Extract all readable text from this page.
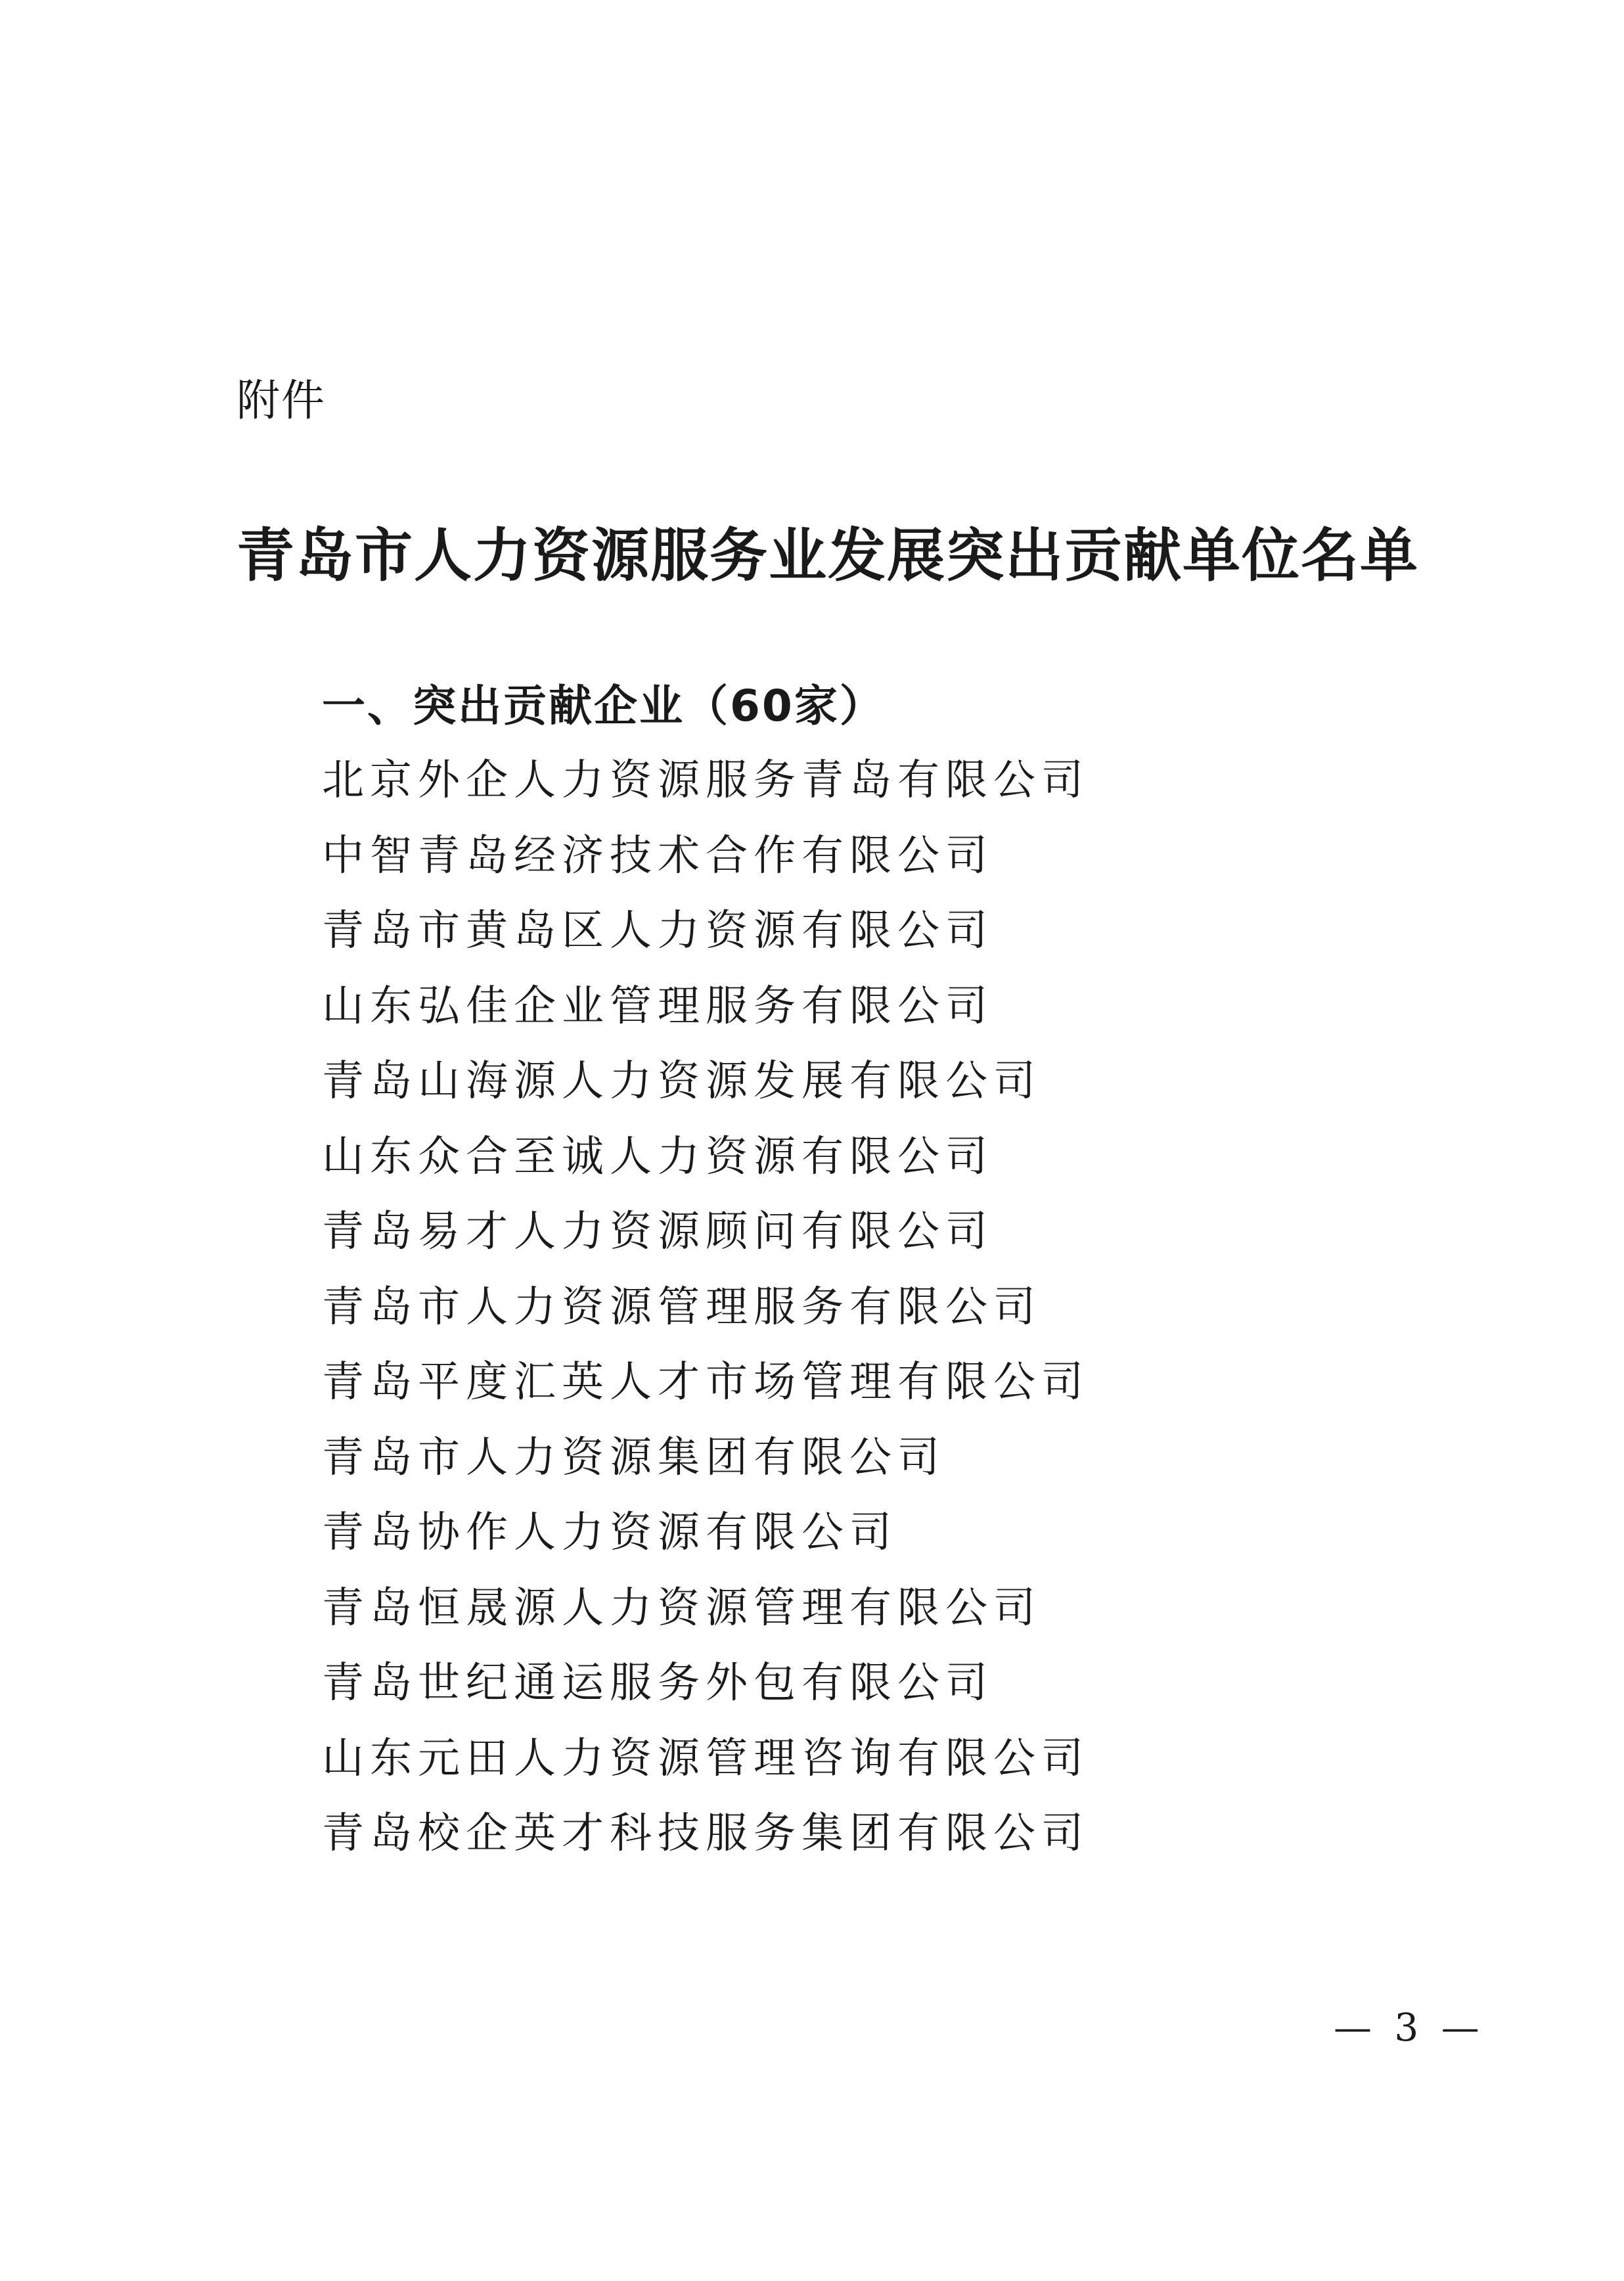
附件
青岛市人力资源服务业发展突出贡献单位名单
一、突出贡献企业（60家）
北京外企人力资源服务青岛有限公司
中智青岛经济技术合作有限公司
青岛市黄岛区人力资源有限公司
山东弘佳企业管理服务有限公司
青岛山海源人力资源发展有限公司
山东众合至诚人力资源有限公司
青岛易才人力资源顾问有限公司
青岛市人力资源管理服务有限公司
青岛平度汇英人才市场管理有限公司
青岛市人力资源集团有限公司
青岛协作人力资源有限公司
青岛恒晟源人力资源管理有限公司
青岛世纪通运服务外包有限公司
山东元田人力资源管理咨询有限公司
青岛校企英才科技服务集团有限公司
— 3 —
